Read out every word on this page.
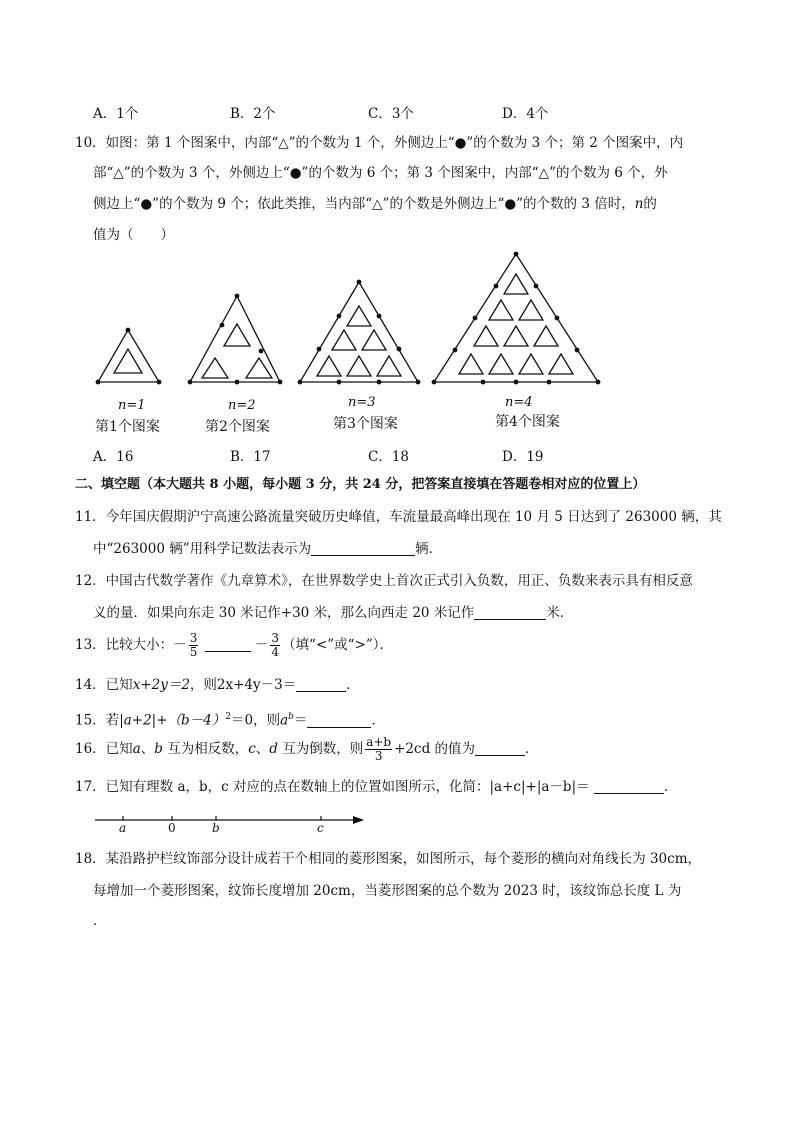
A．1个	B．2个	C．3个	D．4个
10．如图：第 1 个图案中，内部“△”的个数为 1 个，外侧边上“●”的个数为 3 个；第 2 个图案中，内
部“△”的个数为 3 个，外侧边上“●”的个数为 6 个；第 3 个图案中，内部“△”的个数为 6 个，外
侧边上“●”的个数为 9 个；依此类推，当内部“△”的个数是外侧边上“●”的个数的 3 倍时，n的
值为（　　）
n=1	n=2	n=3	n=4
第1个图案	第2个图案	第3个图案	第4个图案
A．16	B．17	C．18	D．19
二、填空题（本大题共 8 小题，每小题 3 分，共 24 分，把答案直接填在答题卷相对应的位置上）
11．今年国庆假期沪宁高速公路流量突破历史峰值，车流量最高峰出现在 10 月 5 日达到了 263000 辆，其
中“263000 辆”用科学记数法表示为	辆．
12．中国古代数学著作《九章算术》，在世界数学史上首次正式引入负数，用正、负数来表示具有相反意
义的量．如果向东走 30 米记作+30 米，那么向西走 20 米记作	米．
13．比较大小：－ $\frac{3}{5}$	－ $\frac{3}{4}$ （填“<”或“>”）．
14．已知x+2y＝2，则2x+4y－3＝	．
15．若$|a+2|+(b-4)^2=0$，则$a^b=$	．
16．已知a、b 互为相反数，c、d 互为倒数，则 $\frac{a+b}{3} +2cd$ 的值为	．
17．已知有理数 a，b，c 对应的点在数轴上的位置如图所示，化简：|a+c|+|a－b|＝	．
a	0	b	c
18．某沿路护栏纹饰部分设计成若干个相同的菱形图案，如图所示，每个菱形的横向对角线长为 30cm，
每增加一个菱形图案，纹饰长度增加 20cm，当菱形图案的总个数为 2023 时，该纹饰总长度 L 为
．
